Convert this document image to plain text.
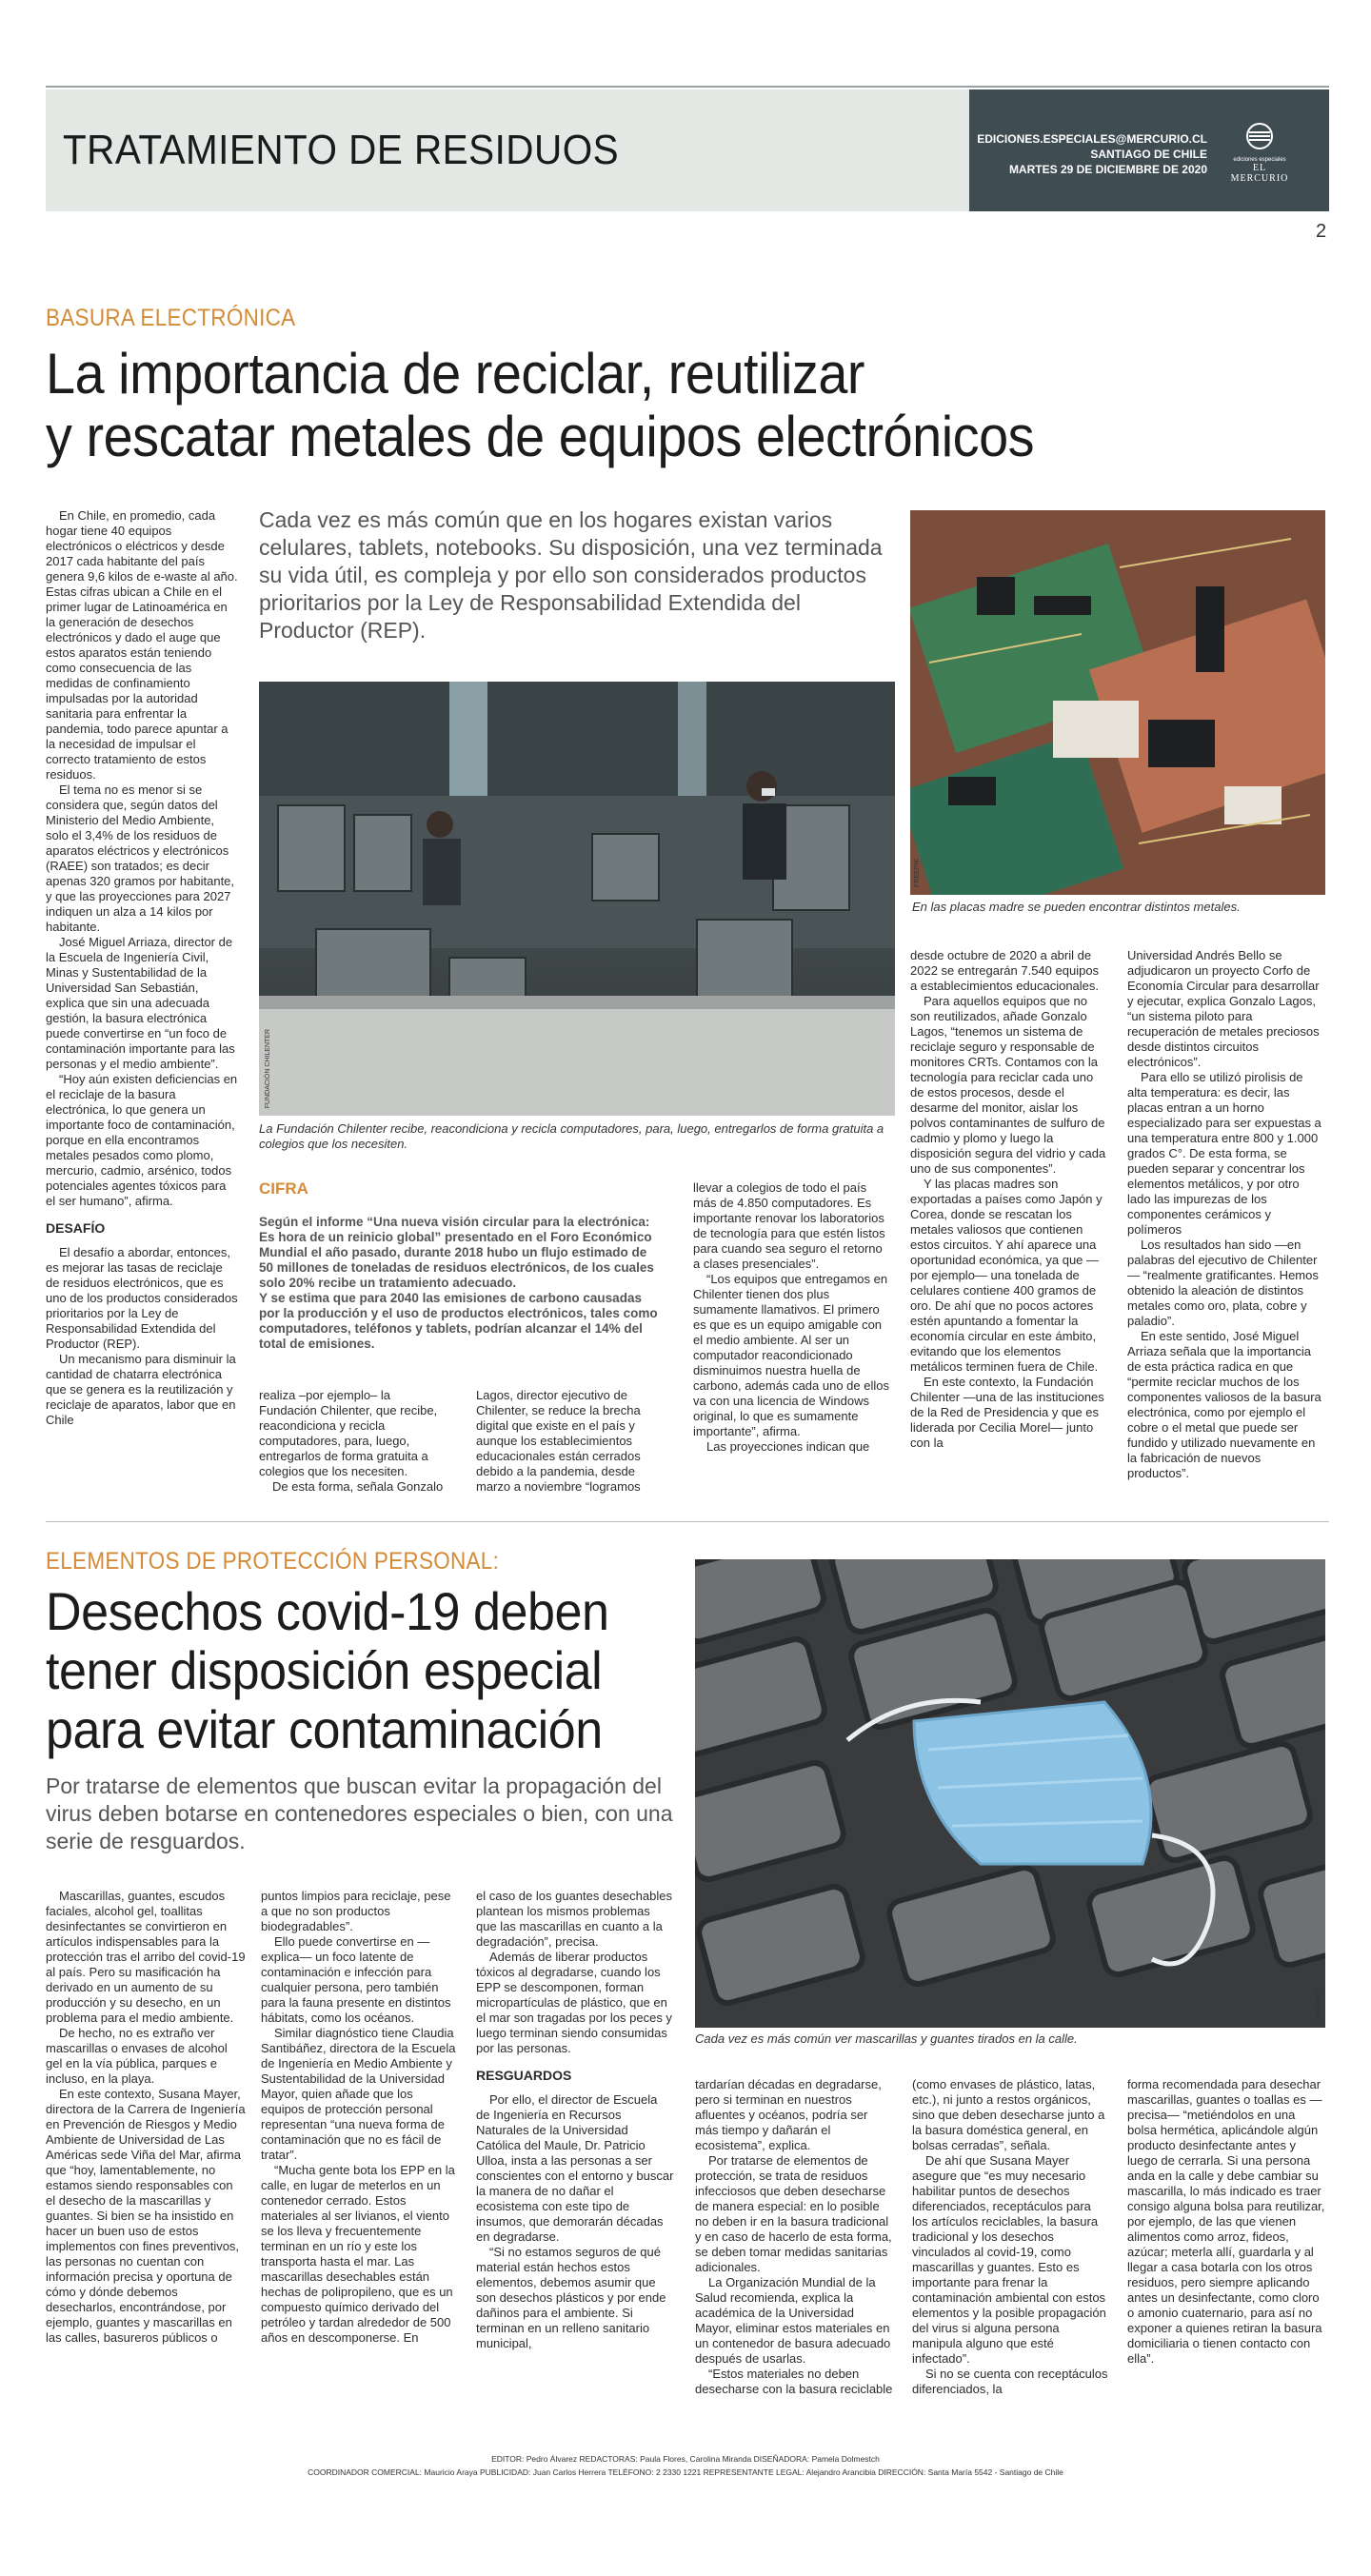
TRATAMIENTO DE RESIDUOS	EDICIONES.ESPECIALES@MERCURIO.CL
SANTIAGO DE CHILE
MARTES 29 DE DICIEMBRE DE 2020
ediciones especiales
EL MERCURIO
2
BASURA ELECTRÓNICA
La importancia de reciclar, reutilizar
y rescatar metales de equipos electrónicos

En Chile, en promedio, cada hogar tiene 40 equipos electrónicos o eléctricos y desde 2017 cada habitante del país genera 9,6 kilos de e-waste al año. Estas cifras ubican a Chile en el primer lugar de Latinoamérica en la generación de desechos electrónicos y dado el auge que estos aparatos están teniendo como consecuencia de las medidas de confinamiento impulsadas por la autoridad sanitaria para enfrentar la pandemia, todo parece apuntar a la necesidad de impulsar el correcto tratamiento de estos residuos.

El tema no es menor si se considera que, según datos del Ministerio del Medio Ambiente, solo el 3,4% de los residuos de aparatos eléctricos y electrónicos (RAEE) son tratados; es decir apenas 320 gramos por habitante, y que las proyecciones para 2027 indiquen un alza a 14 kilos por habitante.

José Miguel Arriaza, director de la Escuela de Ingeniería Civil, Minas y Sustentabilidad de la Universidad San Sebastián, explica que sin una adecuada gestión, la basura electrónica puede convertirse en “un foco de contaminación importante para las personas y el medio ambiente”.

“Hoy aún existen deficiencias en el reciclaje de la basura electrónica, lo que genera un importante foco de contaminación, porque en ella encontramos metales pesados como plomo, mercurio, cadmio, arsénico, todos potenciales agentes tóxicos para el ser humano”, afirma.

DESAFÍO

El desafío a abordar, entonces, es mejorar las tasas de reciclaje de residuos electrónicos, que es uno de los productos considerados prioritarios por la Ley de Responsabilidad Extendida del Productor (REP).

Un mecanismo para disminuir la cantidad de chatarra electrónica que se genera es la reutilización y reciclaje de aparatos, labor que en Chile

Cada vez es más común que en los hogares existan varios celulares, tablets, notebooks. Su disposición, una vez terminada su vida útil, es compleja y por ello son considerados productos prioritarios por la Ley de Responsabilidad Extendida del Productor (REP).
FUNDACIÓN CHILENTER
La Fundación Chilenter recibe, reacondiciona y recicla computadores, para, luego, entregarlos de forma gratuita a colegios que los necesiten.
FREEPIK
En las placas madre se pueden encontrar distintos metales.
CIFRA
Según el informe “Una nueva visión circular para la electrónica: Es hora de un reinicio global” presentado en el Foro Económico Mundial el año pasado, durante 2018 hubo un flujo estimado de 50 millones de toneladas de residuos electrónicos, de los cuales solo 20% recibe un tratamiento adecuado.
Y se estima que para 2040 las emisiones de carbono causadas por la producción y el uso de productos electrónicos, tales como computadores, teléfonos y tablets, podrían alcanzar el 14% del total de emisiones.

realiza –por ejemplo– la Fundación Chilenter, que recibe, reacondiciona y recicla computadores, para, luego, entregarlos de forma gratuita a colegios que los necesiten.

De esta forma, señala Gonzalo

Lagos, director ejecutivo de Chilenter, se reduce la brecha digital que existe en el país y aunque los establecimientos educacionales están cerrados debido a la pandemia, desde marzo a noviembre “logramos

llevar a colegios de todo el país más de 4.850 computadores. Es importante renovar los laboratorios de tecnología para que estén listos para cuando sea seguro el retorno a clases presenciales”.

“Los equipos que entregamos en Chilenter tienen dos plus sumamente llamativos. El primero es que es un equipo amigable con el medio ambiente. Al ser un computador reacondicionado disminuimos nuestra huella de carbono, además cada uno de ellos va con una licencia de Windows original, lo que es sumamente importante”, afirma.

Las proyecciones indican que

desde octubre de 2020 a abril de 2022 se entregarán 7.540 equipos a establecimientos educacionales.

Para aquellos equipos que no son reutilizados, añade Gonzalo Lagos, “tenemos un sistema de reciclaje seguro y responsable de monitores CRTs. Contamos con la tecnología para reciclar cada uno de estos procesos, desde el desarme del monitor, aislar los polvos contaminantes de sulfuro de cadmio y plomo y luego la disposición segura del vidrio y cada uno de sus componentes”.

Y las placas madres son exportadas a países como Japón y Corea, donde se rescatan los metales valiosos que contienen estos circuitos. Y ahí aparece una oportunidad económica, ya que —por ejemplo— una tonelada de celulares contiene 400 gramos de oro. De ahí que no pocos actores estén apuntando a fomentar la economía circular en este ámbito, evitando que los elementos metálicos terminen fuera de Chile.

En este contexto, la Fundación Chilenter —una de las instituciones de la Red de Presidencia y que es liderada por Cecilia Morel— junto con la

Universidad Andrés Bello se adjudicaron un proyecto Corfo de Economía Circular para desarrollar y ejecutar, explica Gonzalo Lagos, “un sistema piloto para recuperación de metales preciosos desde distintos circuitos electrónicos”.

Para ello se utilizó pirolisis de alta temperatura: es decir, las placas entran a un horno especializado para ser expuestas a una temperatura entre 800 y 1.000 grados C°. De esta forma, se pueden separar y concentrar los elementos metálicos, y por otro lado las impurezas de los componentes cerámicos y polímeros

Los resultados han sido —en palabras del ejecutivo de Chilenter— “realmente gratificantes. Hemos obtenido la aleación de distintos metales como oro, plata, cobre y paladio”.

En este sentido, José Miguel Arriaza señala que la importancia de esta práctica radica en que “permite reciclar muchos de los componentes valiosos de la basura electrónica, como por ejemplo el cobre o el metal que puede ser fundido y utilizado nuevamente en la fabricación de nuevos productos”.

ELEMENTOS DE PROTECCIÓN PERSONAL:
Desechos covid-19 deben
tener disposición especial
para evitar contaminación
Por tratarse de elementos que buscan evitar la propagación del virus deben botarse en contenedores especiales o bien, con una serie de resguardos.
FREEPIK
Cada vez es más común ver mascarillas y guantes tirados en la calle.

Mascarillas, guantes, escudos faciales, alcohol gel, toallitas desinfectantes se convirtieron en artículos indispensables para la protección tras el arribo del covid-19 al país. Pero su masificación ha derivado en un aumento de su producción y su desecho, en un problema para el medio ambiente.

De hecho, no es extraño ver mascarillas o envases de alcohol gel en la vía pública, parques e incluso, en la playa.

En este contexto, Susana Mayer, directora de la Carrera de Ingeniería en Prevención de Riesgos y Medio Ambiente de Universidad de Las Américas sede Viña del Mar, afirma que “hoy, lamentablemente, no estamos siendo responsables con el desecho de la mascarillas y guantes. Si bien se ha insistido en hacer un buen uso de estos implementos con fines preventivos, las personas no cuentan con información precisa y oportuna de cómo y dónde debemos desecharlos, encontrándose, por ejemplo, guantes y mascarillas en las calles, basureros públicos o

puntos limpios para reciclaje, pese a que no son productos biodegradables”.

Ello puede convertirse en —explica— un foco latente de contaminación e infección para cualquier persona, pero también para la fauna presente en distintos hábitats, como los océanos.

Similar diagnóstico tiene Claudia Santibáñez, directora de la Escuela de Ingeniería en Medio Ambiente y Sustentabilidad de la Universidad Mayor, quien añade que los equipos de protección personal representan “una nueva forma de contaminación que no es fácil de tratar”.

“Mucha gente bota los EPP en la calle, en lugar de meterlos en un contenedor cerrado. Estos materiales al ser livianos, el viento se los lleva y frecuentemente terminan en un río y este los transporta hasta el mar. Las mascarillas desechables están hechas de polipropileno, que es un compuesto químico derivado del petróleo y tardan alrededor de 500 años en descomponerse. En

el caso de los guantes desechables plantean los mismos problemas que las mascarillas en cuanto a la degradación”, precisa.

Además de liberar productos tóxicos al degradarse, cuando los EPP se descomponen, forman micropartículas de plástico, que en el mar son tragadas por los peces y luego terminan siendo consumidas por las personas.

RESGUARDOS

Por ello, el director de Escuela de Ingeniería en Recursos Naturales de la Universidad Católica del Maule, Dr. Patricio Ulloa, insta a las personas a ser conscientes con el entorno y buscar la manera de no dañar el ecosistema con este tipo de insumos, que demorarán décadas en degradarse.

“Si no estamos seguros de qué material están hechos estos elementos, debemos asumir que son desechos plásticos y por ende dañinos para el ambiente. Si terminan en un relleno sanitario municipal,

tardarían décadas en degradarse, pero si terminan en nuestros afluentes y océanos, podría ser más tiempo y dañarán el ecosistema”, explica.

Por tratarse de elementos de protección, se trata de residuos infecciosos que deben desecharse de manera especial: en lo posible no deben ir en la basura tradicional y en caso de hacerlo de esta forma, se deben tomar medidas sanitarias adicionales.

La Organización Mundial de la Salud recomienda, explica la académica de la Universidad Mayor, eliminar estos materiales en un contenedor de basura adecuado después de usarlas.

“Estos materiales no deben desecharse con la basura reciclable

(como envases de plástico, latas, etc.), ni junto a restos orgánicos, sino que deben desecharse junto a la basura doméstica general, en bolsas cerradas”, señala.

De ahí que Susana Mayer asegure que “es muy necesario habilitar puntos de desechos diferenciados, receptáculos para los artículos reciclables, la basura tradicional y los desechos vinculados al covid-19, como mascarillas y guantes. Esto es importante para frenar la contaminación ambiental con estos elementos y la posible propagación del virus si alguna persona manipula alguno que esté infectado”.

Si no se cuenta con receptáculos diferenciados, la

forma recomendada para desechar mascarillas, guantes o toallas es —precisa— “metiéndolos en una bolsa hermética, aplicándole algún producto desinfectante antes y luego de cerrarla. Si una persona anda en la calle y debe cambiar su mascarilla, lo más indicado es traer consigo alguna bolsa para reutilizar, por ejemplo, de las que vienen alimentos como arroz, fideos, azúcar; meterla allí, guardarla y al llegar a casa botarla con los otros residuos, pero siempre aplicando antes un desinfectante, como cloro o amonio cuaternario, para así no exponer a quienes retiran la basura domiciliaria o tienen contacto con ella”.

EDITOR: Pedro Álvarez REDACTORAS: Paula Flores, Carolina Miranda DISEÑADORA: Pamela Dolmestch
COORDINADOR COMERCIAL: Mauricio Araya PUBLICIDAD: Juan Carlos Herrera TELÉFONO: 2 2330 1221 REPRESENTANTE LEGAL: Alejandro Arancibia DIRECCIÓN: Santa María 5542 - Santiago de Chile
